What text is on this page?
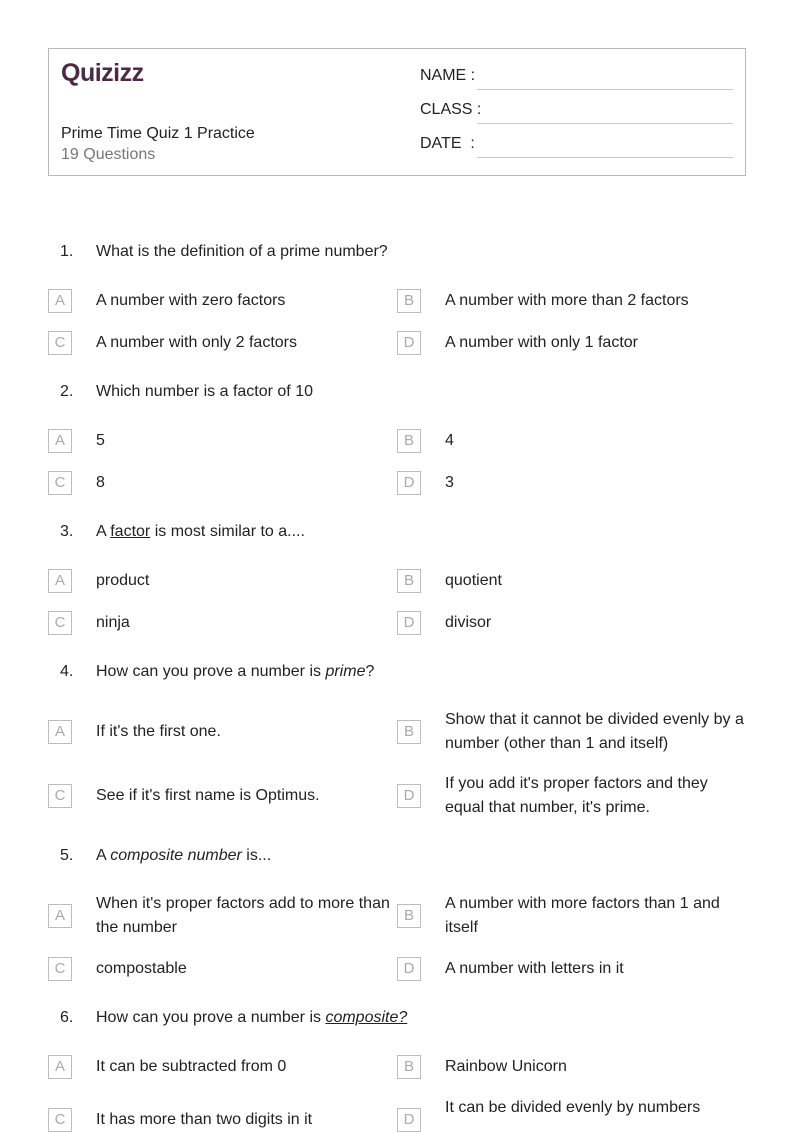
Quizizz
Prime Time Quiz 1 Practice
19 Questions
NAME :
CLASS :
DATE  :
1. What is the definition of a prime number?
A	A number with zero factors	B	A number with more than 2 factors
C	A number with only 2 factors	D	A number with only 1 factor
2. Which number is a factor of 10
A	5	B	4
C	8	D	3
3. A factor is most similar to a....
A	product	B	quotient
C	ninja	D	divisor
4. How can you prove a number is prime?
A	If it's the first one.	B
Show that it cannot be divided evenly by a number (other than 1 and itself)
C	See if it's first name is Optimus.	D
If you add it's proper factors and they equal that number, it's prime.
5. A composite number is...
A
When it's proper factors add to more than the number
B
A number with more factors than 1 and itself
C	compostable	D	A number with letters in it
6. How can you prove a number is composite?
A	It can be subtracted from 0	B	Rainbow Unicorn
C	It has more than two digits in it	D
It can be divided evenly by numbers
